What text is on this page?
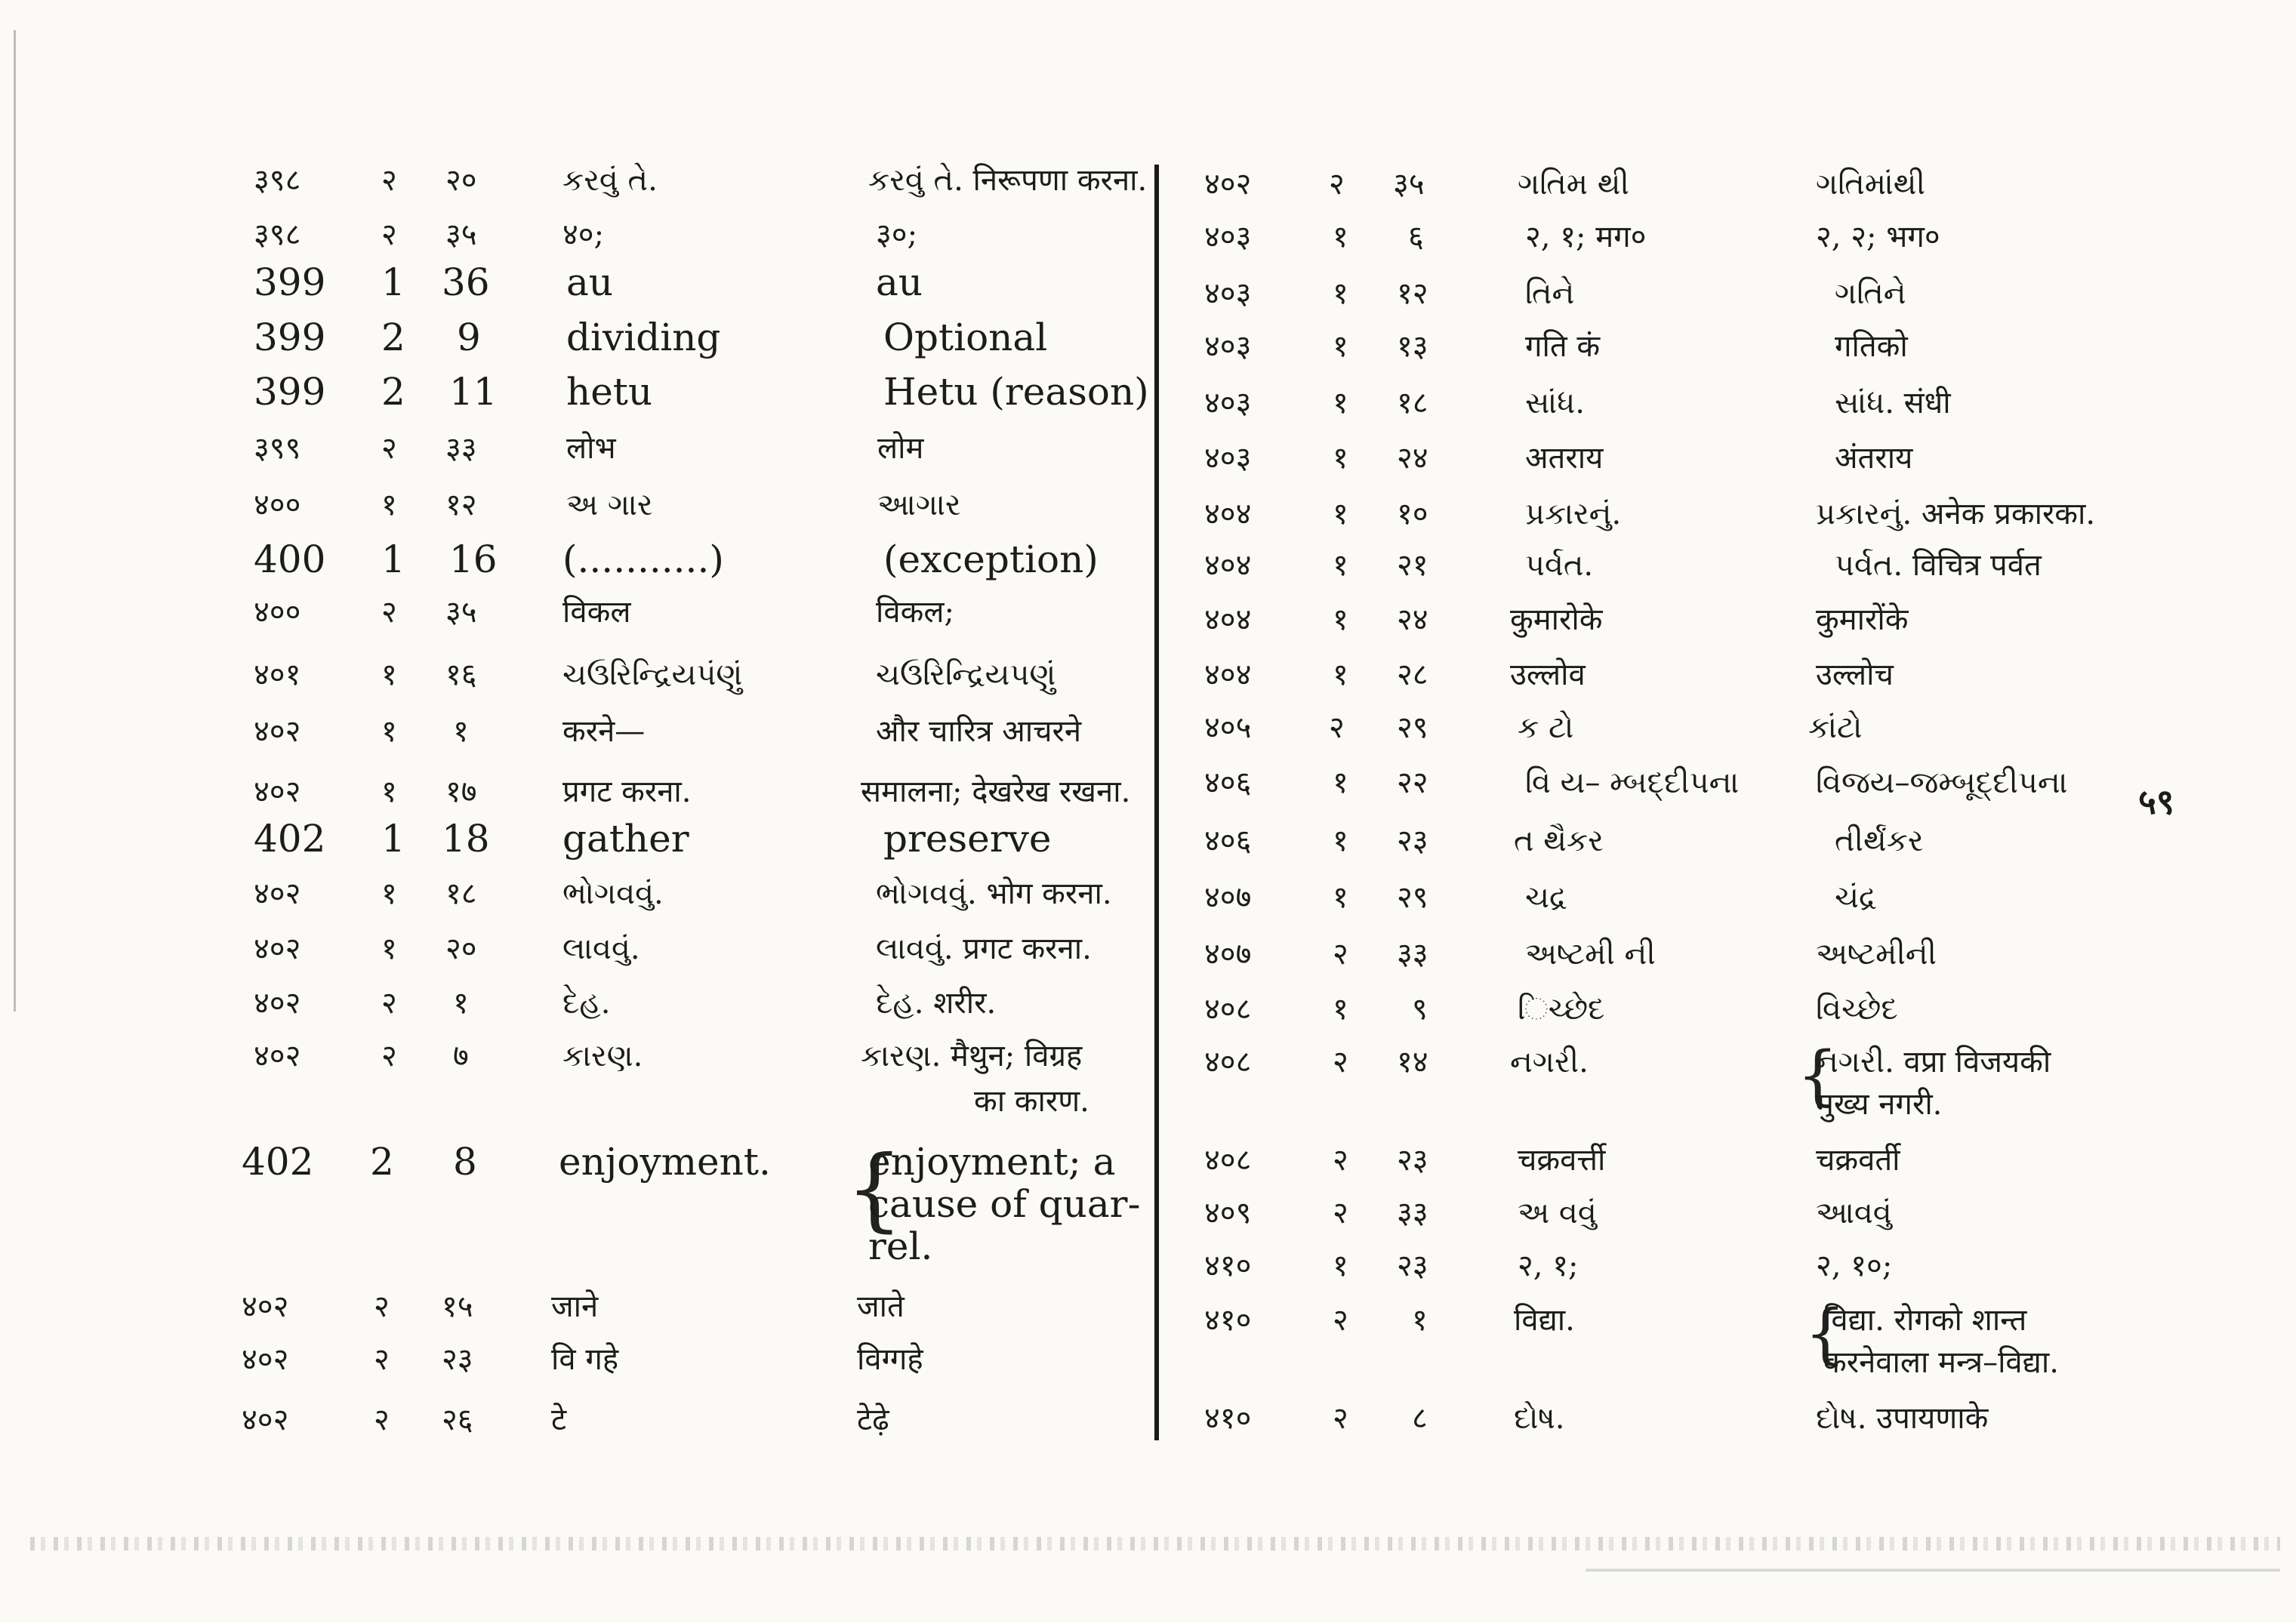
३९८	२ २०	કરવું તે.	કરવું તે. निरूपणा करना.
३९८	२ ३५	४०;	३०;
399 1 36 au	au
399 2 9 dividing	Optional
399 2 11 hetu	Hetu (reason)
३९९	२ ३३	लोभ	लोम
४००	१ १२	અ ગાર	આગાર
400 1 16 (...........)	(exception)
४००	२ ३५	विकल	विकल;
४०१	१ १६	ચઉરિન્દ્રિયપંણું	ચઉરિન્દ્રિયપણું
४०२	१ १	करने—	और चारित्र आचरने
४०२	१ १७	प्रगट करना.	समालना; देखरेख रखना.
402 1 18 gather	preserve
४०२	१ १८	ભોગવવું.	ભોગવવું. भोग करना.
४०२	१ २०	લાવવું.	લાવવું. प्रगट करना.
४०२	२ १	દેહ.	દેહ. शरीर.
४०२	२ ७	કારણ.	કારણ. मैथुन; विग्रह
का कारण.
402 2 8 enjoyment. {
enjoyment; a
cause of quar-
rel.
४०२	२ १५	जाने	जाते
४०२	२ २३	वि गहे	विग्गहे
४०२	२ २६	टे	टेढ़े
४०२	२ ३५	ગતિમ થી	ગતિમાંથી
४०३	१ ६	२, १; मग०	२, २; भग०
४०३	१ १२	તિને	ગતિને
४०३	१ १३	गति कं	गतिको
४०३	१ १८	સાંધ.	સાંધ. संधी
४०३	१ २४	अतराय	अंतराय
४०४	१ १०	પ્રકારનું.	પ્રકારનું. अनेक प्रकारका.
४०४	१ २१	પર્વત.	પર્વત. विचित्र पर्वत
४०४	१ २४	कुमारोके	कुमारोंके
४०४	१ २८	उल्लोव	उल्लोच
४०५	२ २९	ક ટો	કાંટો
४०६	१ २२	વિ ય– મ્બદ્દીપના	વિજય–જમ્બૂદ્દીપના
४०६	१ २३	ત થૈકર	તીર્થંકર
४०७	१ २९	ચદ્ર	ચંદ્ર
४०७	२ ३३	અષ્ટમી ની	અષ્ટમીની
४०८	१ ९	િચ્છેદ	વિચ્છેદ
४०८	२ १४	નગરી.	{
નગરી. वप्रा विजयकी
मुख्य नगरी.
४०८	२ २३	चक्रवर्त्ती	चक्रवर्ती
४०९	२ ३३	અ વવું	આવવું
४१०	१ २३	२, १;	२, १०;
४१०	२ १	विद्या.	{
विद्या. रोगको शान्त
करनेवाला मन्त्र–विद्या.
४१०	२ ८	દોષ.	દોષ. उपायणाके
५९
